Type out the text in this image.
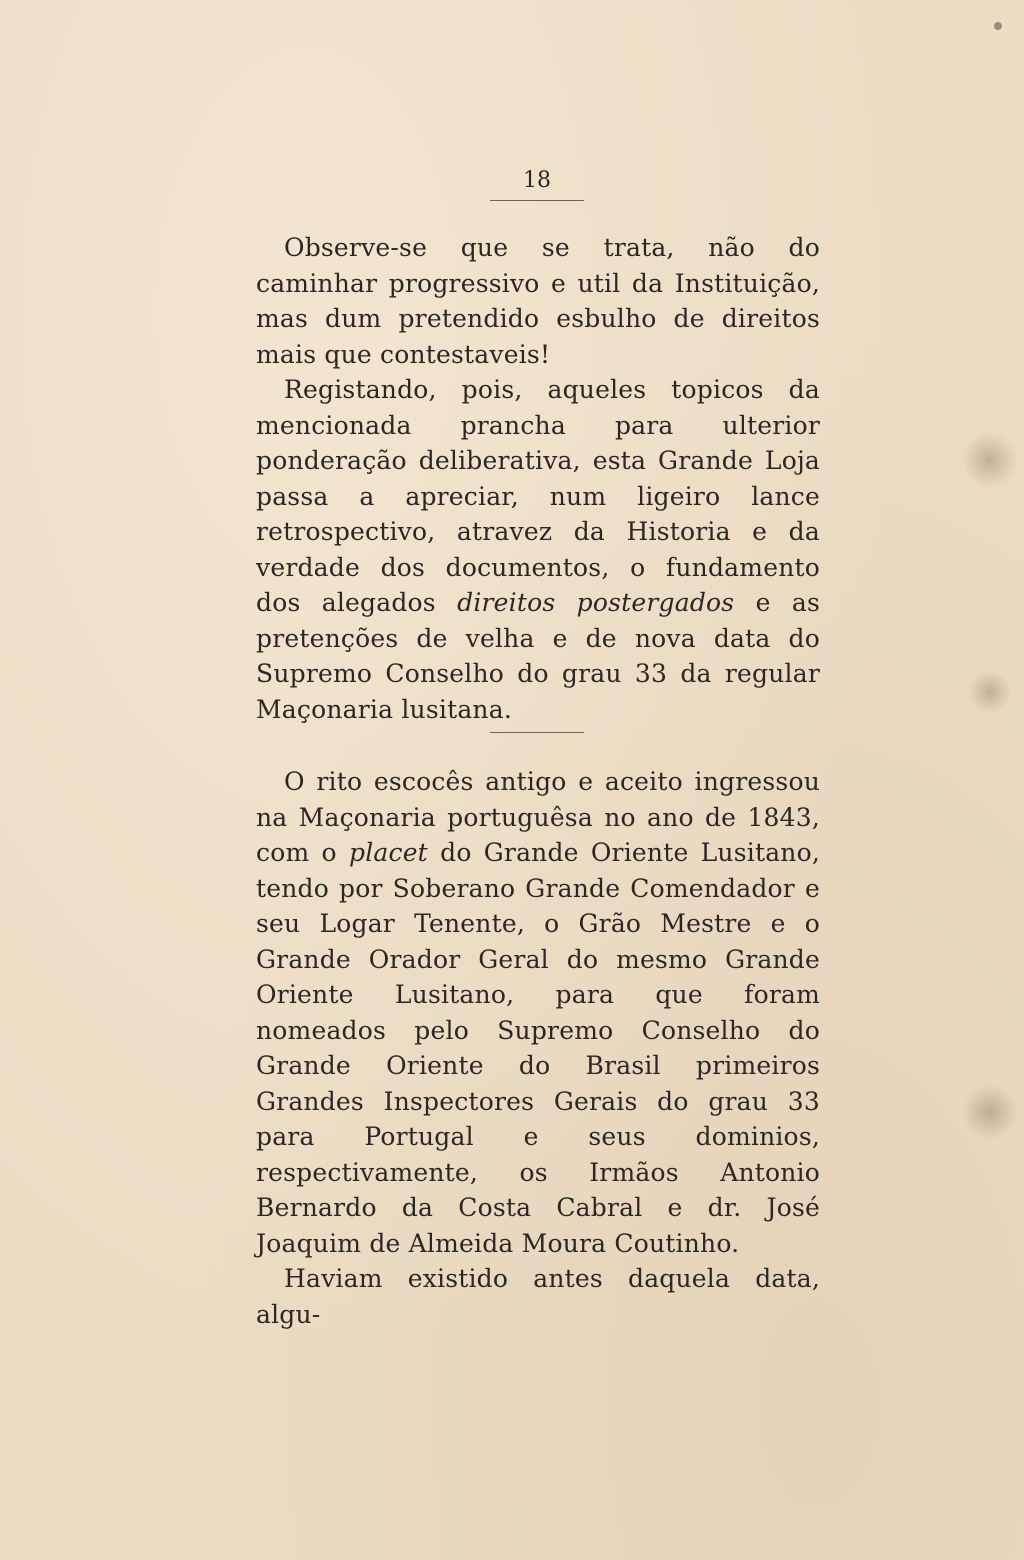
18

Observe-se que se trata, não do caminhar progressivo e util da Instituição, mas dum pretendido esbulho de direitos mais que contestaveis!

Registando, pois, aqueles topicos da mencionada prancha para ulterior ponderação deliberativa, esta Grande Loja passa a apreciar, num ligeiro lance retrospectivo, atravez da Historia e da verdade dos documentos, o fundamento dos alegados direitos postergados e as pretenções de velha e de nova data do Supremo Conselho do grau 33 da regular Maçonaria lusitana.

O rito escocês antigo e aceito ingressou na Maçonaria portuguêsa no ano de 1843, com o placet do Grande Oriente Lusitano, tendo por Soberano Grande Comendador e seu Logar Tenente, o Grão Mestre e o Grande Orador Geral do mesmo Grande Oriente Lusitano, para que foram nomeados pelo Supremo Conselho do Grande Oriente do Brasil primeiros Grandes Inspectores Gerais do grau 33 para Portugal e seus dominios, respectivamente, os Irmãos Antonio Bernardo da Costa Cabral e dr. José Joaquim de Almeida Moura Coutinho.

Haviam existido antes daquela data, algu-
